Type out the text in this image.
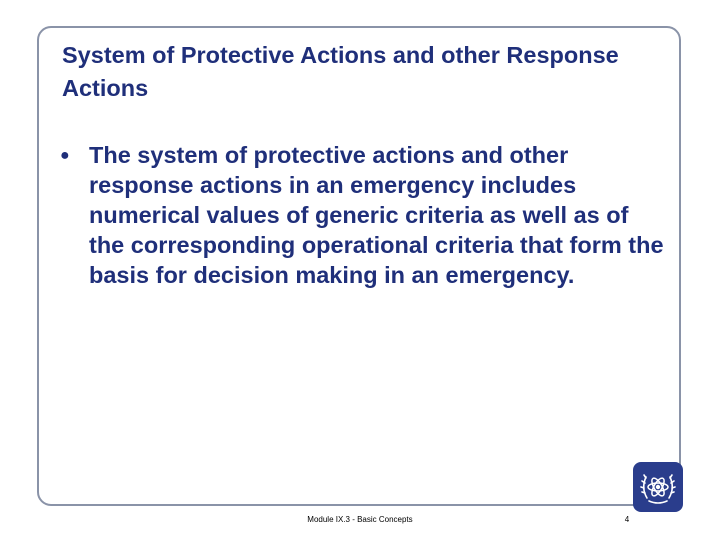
System of Protective Actions and other Response Actions
● The system of protective actions and other response actions in an emergency includes numerical values of generic criteria as well as of the corresponding operational criteria that form the basis for decision making in an emergency.
Module IX.3 - Basic Concepts	4
